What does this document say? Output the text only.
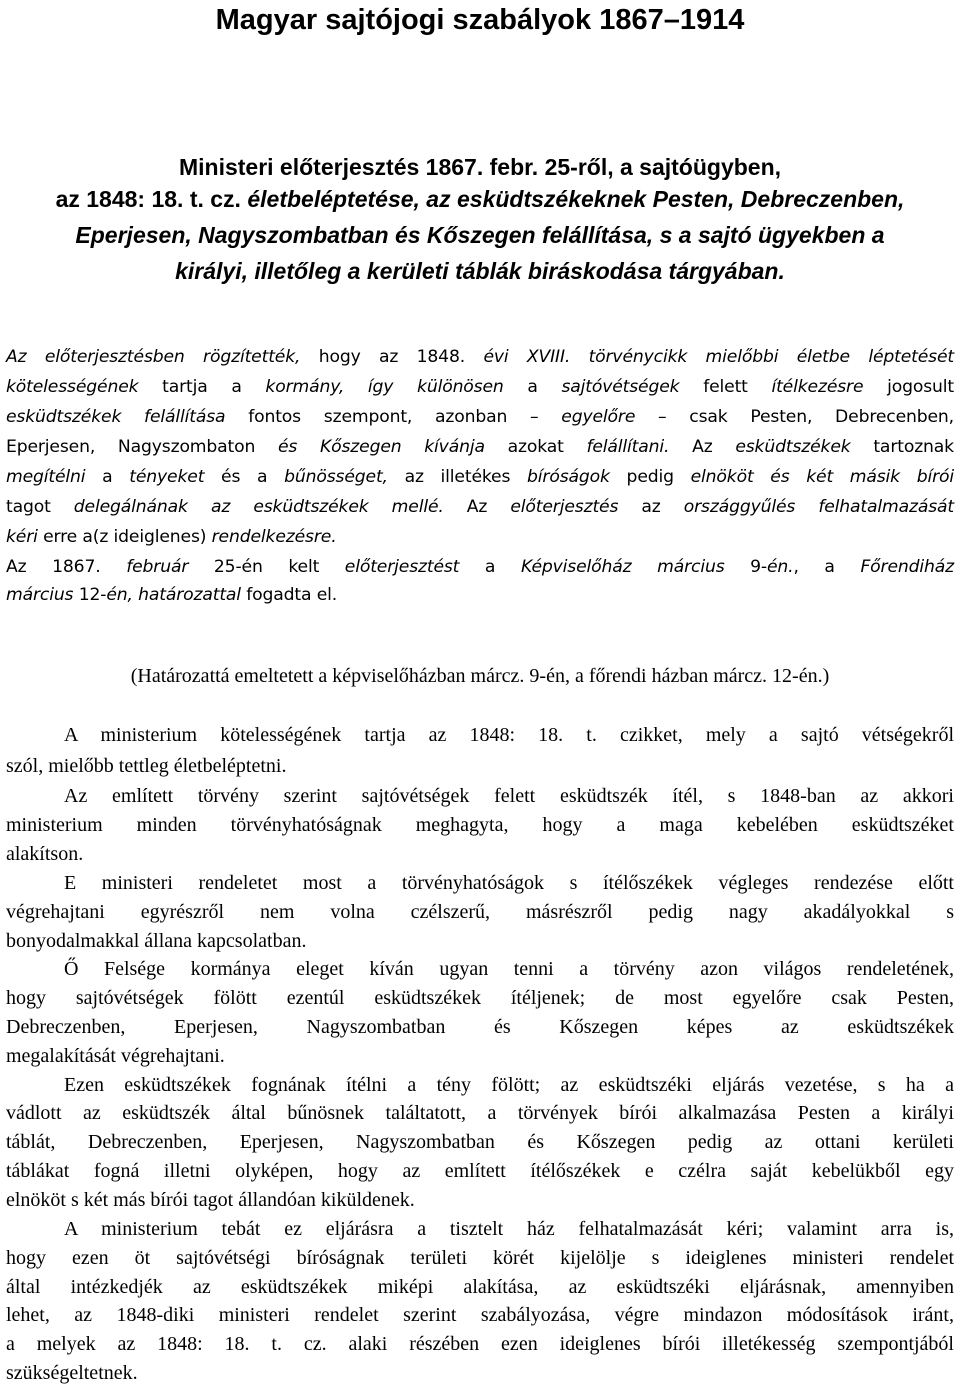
Magyar sajtójogi szabályok 1867–1914
Ministeri előterjesztés 1867. febr. 25-ről, a sajtóügyben,
az 1848: 18. t. cz. életbeléptetése, az esküdtszékeknek Pesten, Debreczenben,
Eperjesen, Nagyszombatban és Kőszegen felállítása, s a sajtó ügyekben a
királyi, illetőleg a kerületi táblák biráskodása tárgyában.
Az előterjesztésben rögzítették, hogy az 1848. évi XVIII. törvénycikk mielőbbi életbe léptetését
kötelességének tartja a kormány, így különösen a sajtóvétségek felett ítélkezésre jogosult
esküdtszékek felállítása fontos szempont, azonban – egyelőre – csak Pesten, Debrecenben,
Eperjesen, Nagyszombaton és Kőszegen kívánja azokat felállítani. Az esküdtszékek tartoznak
megítélni a tényeket és a bűnösséget, az illetékes bíróságok pedig elnököt és két másik bírói
tagot delegálnának az esküdtszékek mellé. Az előterjesztés az országgyűlés felhatalmazását
kéri erre a(z ideiglenes) rendelkezésre.
Az 1867. február 25-én kelt előterjesztést a Képviselőház március 9-én., a Főrendiház
március 12-én, határozattal fogadta el.
(Határozattá emeltetett a képviselőházban márcz. 9-én, a főrendi házban márcz. 12-én.)
A ministerium kötelességének tartja az 1848: 18. t. czikket, mely a sajtó vétségekről
szól, mielőbb tettleg életbeléptetni.
Az említett törvény szerint sajtóvétségek felett esküdtszék ítél, s 1848-ban az akkori
ministerium minden törvényhatóságnak meghagyta, hogy a maga kebelében esküdtszéket
alakítson.
E ministeri rendeletet most a törvényhatóságok s ítélőszékek végleges rendezése előtt
végrehajtani egyrészről nem volna czélszerű, másrészről pedig nagy akadályokkal s
bonyodalmakkal állana kapcsolatban.
Ő Felsége kormánya eleget kíván ugyan tenni a törvény azon világos rendeletének,
hogy sajtóvétségek fölött ezentúl esküdtszékek ítéljenek; de most egyelőre csak Pesten,
Debreczenben, Eperjesen, Nagyszombatban és Kőszegen képes az esküdtszékek
megalakítását végrehajtani.
Ezen esküdtszékek fognának ítélni a tény fölött; az esküdtszéki eljárás vezetése, s ha a
vádlott az esküdtszék által bűnösnek találtatott, a törvények bírói alkalmazása Pesten a királyi
táblát, Debreczenben, Eperjesen, Nagyszombatban és Kőszegen pedig az ottani kerületi
táblákat fogná illetni olyképen, hogy az említett ítélőszékek e czélra saját kebelükből egy
elnököt s két más bírói tagot állandóan kiküldenek.
A ministerium tebát ez eljárásra a tisztelt ház felhatalmazását kéri; valamint arra is,
hogy ezen öt sajtóvétségi bíróságnak területi körét kijelölje s ideiglenes ministeri rendelet
által intézkedjék az esküdtszékek miképi alakítása, az esküdtszéki eljárásnak, amennyiben
lehet, az 1848-diki ministeri rendelet szerint szabályozása, végre mindazon módosítások iránt,
a melyek az 1848: 18. t. cz. alaki részében ezen ideiglenes bírói illetékesség szempontjából
szükségeltetnek.
